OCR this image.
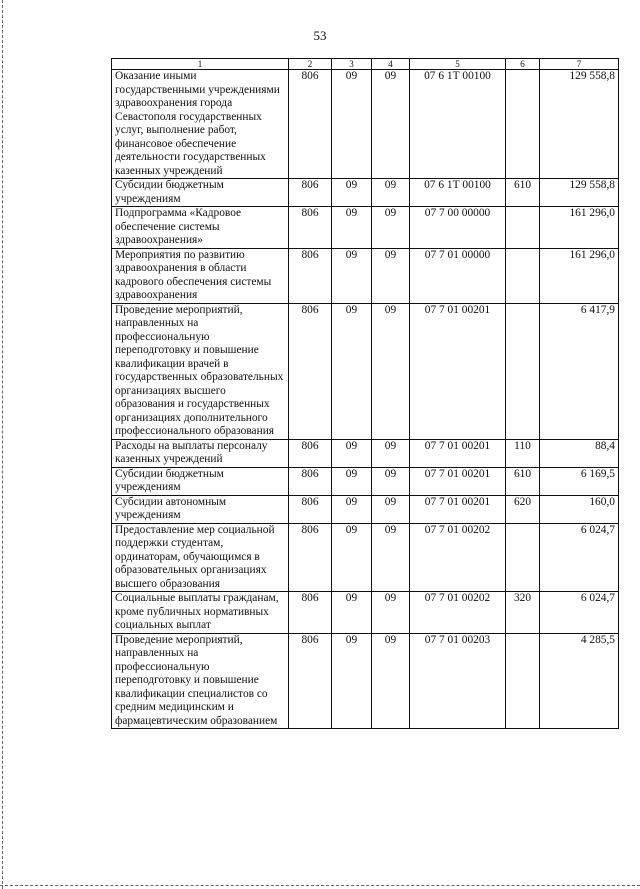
53
1	2	3	4	5	6	7
Оказание иными государственными учреждениями здравоохранения города Севастополя государственных услуг, выполнение работ, финансовое обеспечение деятельности государственных казенных учреждений	806	09	09	07 6 1Т 00100		129 558,8
Субсидии бюджетным учреждениям	806	09	09	07 6 1Т 00100	610	129 558,8
Подпрограмма «Кадровое обеспечение системы здравоохранения»	806	09	09	07 7 00 00000		161 296,0
Мероприятия по развитию здравоохранения в области кадрового обеспечения системы здравоохранения	806	09	09	07 7 01 00000		161 296,0
Проведение мероприятий, направленных на профессиональную переподготовку и повышение квалификации врачей в государственных образовательных организациях высшего образования и государственных организациях дополнительного профессионального образования	806	09	09	07 7 01 00201		6 417,9
Расходы на выплаты персоналу казенных учреждений	806	09	09	07 7 01 00201	110	88,4
Субсидии бюджетным учреждениям	806	09	09	07 7 01 00201	610	6 169,5
Субсидии автономным учреждениям	806	09	09	07 7 01 00201	620	160,0
Предоставление мер социальной поддержки студентам, ординаторам, обучающимся в образовательных организациях высшего образования	806	09	09	07 7 01 00202		6 024,7
Социальные выплаты гражданам, кроме публичных нормативных социальных выплат	806	09	09	07 7 01 00202	320	6 024,7
Проведение мероприятий, направленных на профессиональную переподготовку и повышение квалификации специалистов со средним медицинским и фармацевтическим образованием	806	09	09	07 7 01 00203		4 285,5
